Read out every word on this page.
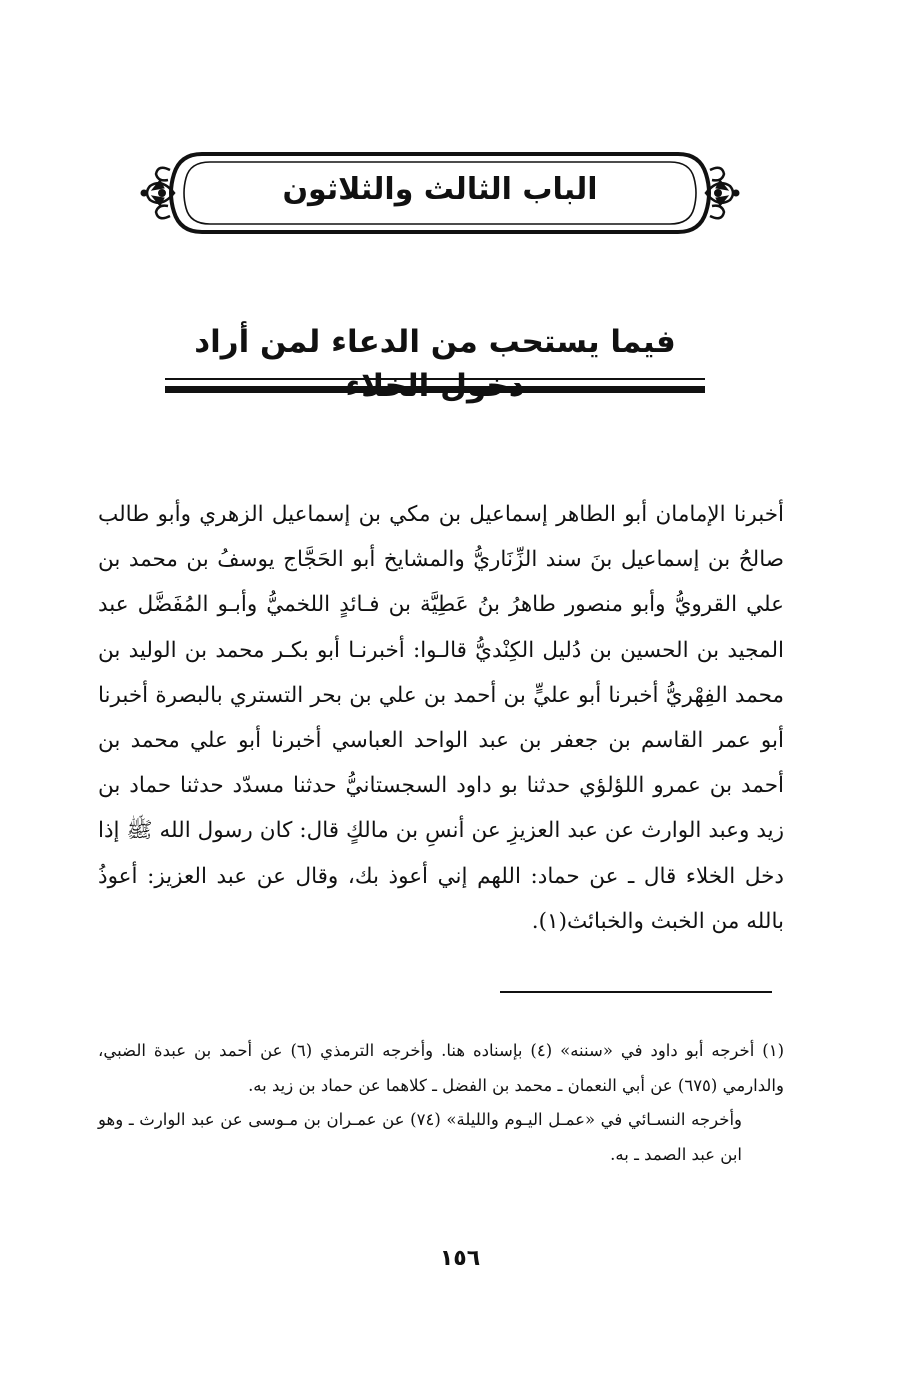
الباب الثالث والثلاثون
فيما يستحب من الدعاء لمن أراد

أخبرنا الإمامان أبو الطاهر إسماعيل بن مكي بن إسماعيل الزهري وأبو طالب صالحُ بن إسماعيل بنَ سند الزِّنَاريُّ والمشايخ أبو الحَجَّاج يوسفُ بن محمد بن علي القرويُّ وأبو منصور طاهرُ بنُ عَطِيَّة بن فـائدٍ اللخميُّ وأبـو المُفَضَّل عبد المجيد بن الحسين بن دُليل الكِنْديُّ قالـوا: أخبرنـا أبو بكـر محمد بن الوليد بن محمد الفِهْريُّ أخبرنا أبو عليٍّ بن أحمد بن علي بن بحر التستري بالبصرة أخبرنا أبو عمر القاسم بن جعفر بن عبد الواحد العباسي أخبرنا أبو علي محمد بن أحمد بن عمرو اللؤلؤي حدثنا بو داود السجستانيُّ حدثنا مسدّد حدثنا حماد بن زيد وعبد الوارث عن عبد العزيزِ عن أنسِ بن مالكٍ قال: كان رسول الله ﷺ إذا دخل الخلاء قال ـ عن حماد: اللهم إني أعوذ بك، وقال عن عبد العزيز: أعوذُ بالله من الخبث والخبائث(١).

(١) أخرجه أبو داود في «سننه» (٤) بإسناده هنا. وأخرجه الترمذي (٦) عن أحمد بن عبدة الضبي، والدارمي (٦٧٥) عن أبي النعمان ـ محمد بن الفضل ـ كلاهما عن حماد بن زيد به.

وأخرجه النسـائي في «عمـل اليـوم والليلة» (٧٤) عن عمـران بن مـوسى عن عبد الوارث ـ وهو ابن عبد الصمد ـ به.

١٥٦
